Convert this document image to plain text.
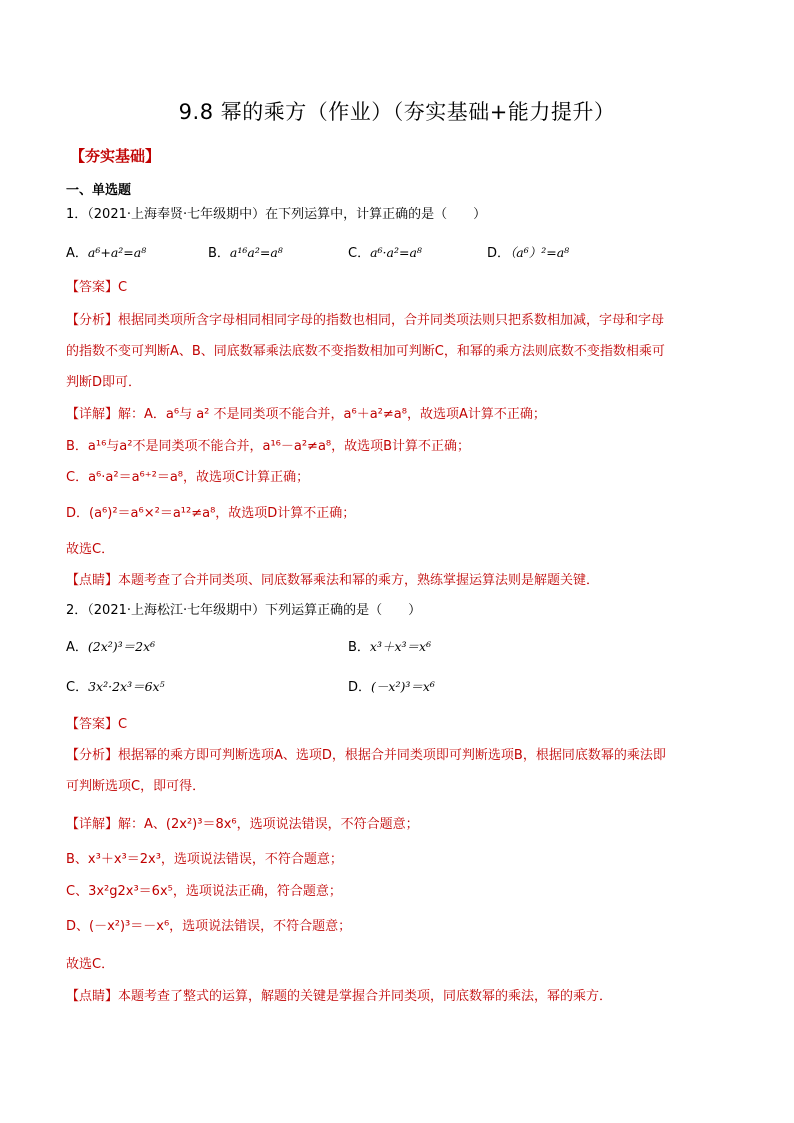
9.8 幂的乘方（作业）（夯实基础+能力提升）
【夯实基础】
一、单选题
1．（2021·上海奉贤·七年级期中）在下列运算中，计算正确的是（　　）
A．a⁶+a²=a⁸	B．a¹⁶a²=a⁸	C．a⁶·a²=a⁸	D．（a⁶）²=a⁸
【答案】C
【分析】根据同类项所含字母相同相同字母的指数也相同，合并同类项法则只把系数相加减，字母和字母
的指数不变可判断A、B、同底数幂乘法底数不变指数相加可判断C，和幂的乘方法则底数不变指数相乘可
判断D即可．
【详解】解：A．a⁶与 a² 不是同类项不能合并，a⁶＋a²≠a⁸，故选项A计算不正确；
B．a¹⁶与a²不是同类项不能合并，a¹⁶－a²≠a⁸，故选项B计算不正确；
C．a⁶·a²＝a⁶⁺²＝a⁸，故选项C计算正确；
D．(a⁶)²＝a⁶×²＝a¹²≠a⁸，故选项D计算不正确；
故选C．
【点睛】本题考查了合并同类项、同底数幂乘法和幂的乘方，熟练掌握运算法则是解题关键．
2．（2021·上海松江·七年级期中）下列运算正确的是（　　）
A．(2x²)³＝2x⁶	B．x³＋x³＝x⁶
C．3x²·2x³＝6x⁵	D．(－x²)³＝x⁶
【答案】C
【分析】根据幂的乘方即可判断选项A、选项D，根据合并同类项即可判断选项B，根据同底数幂的乘法即
可判断选项C，即可得．
【详解】解：A、(2x²)³＝8x⁶，选项说法错误，不符合题意；
B、x³＋x³＝2x³，选项说法错误，不符合题意；
C、3x²g2x³＝6x⁵，选项说法正确，符合题意；
D、(－x²)³＝－x⁶，选项说法错误，不符合题意；
故选C．
【点睛】本题考查了整式的运算，解题的关键是掌握合并同类项，同底数幂的乘法，幂的乘方．
